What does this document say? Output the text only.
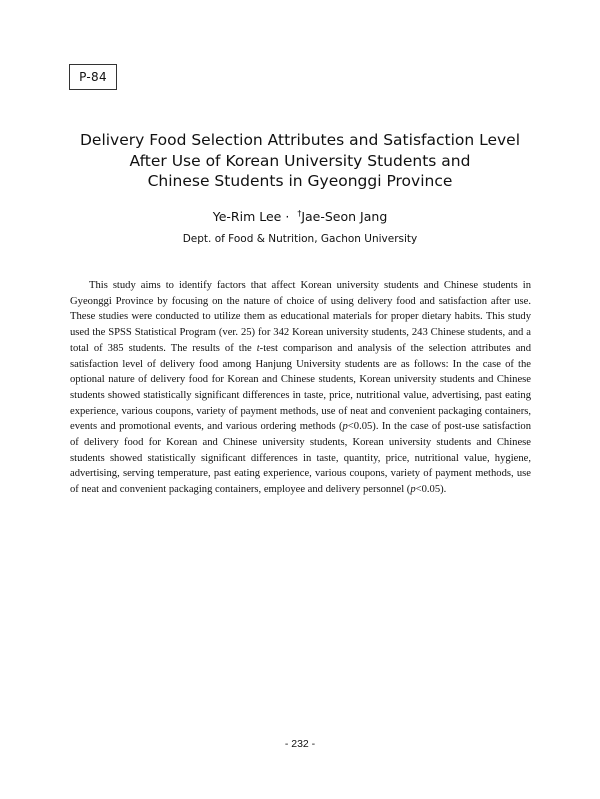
P-84
Delivery Food Selection Attributes and Satisfaction Level
After Use of Korean University Students and
Chinese Students in Gyeonggi Province
Ye-Rim Lee · †Jae-Seon Jang
Dept. of Food & Nutrition, Gachon University

This study aims to identify factors that affect Korean university students and Chinese students in Gyeonggi Province by focusing on the nature of choice of using delivery food and satisfaction after use. These studies were conducted to utilize them as educational materials for proper dietary habits. This study used the SPSS Statistical Program (ver. 25) for 342 Korean university students, 243 Chinese students, and a total of 385 students. The results of the t-test comparison and analysis of the selection attributes and satisfaction level of delivery food among Hanjung University students are as follows: In the case of the optional nature of delivery food for Korean and Chinese students, Korean university students and Chinese students showed statistically significant differences in taste, price, nutritional value, advertising, past eating experience, various coupons, variety of payment methods, use of neat and convenient packaging containers, events and promotional events, and various ordering methods (p<0.05). In the case of post-use satisfaction of delivery food for Korean and Chinese university students, Korean university students and Chinese students showed statistically significant differences in taste, quantity, price, nutritional value, hygiene, advertising, serving temperature, past eating experience, various coupons, variety of payment methods, use of neat and convenient packaging containers, employee and delivery personnel (p<0.05).

- 232 -
